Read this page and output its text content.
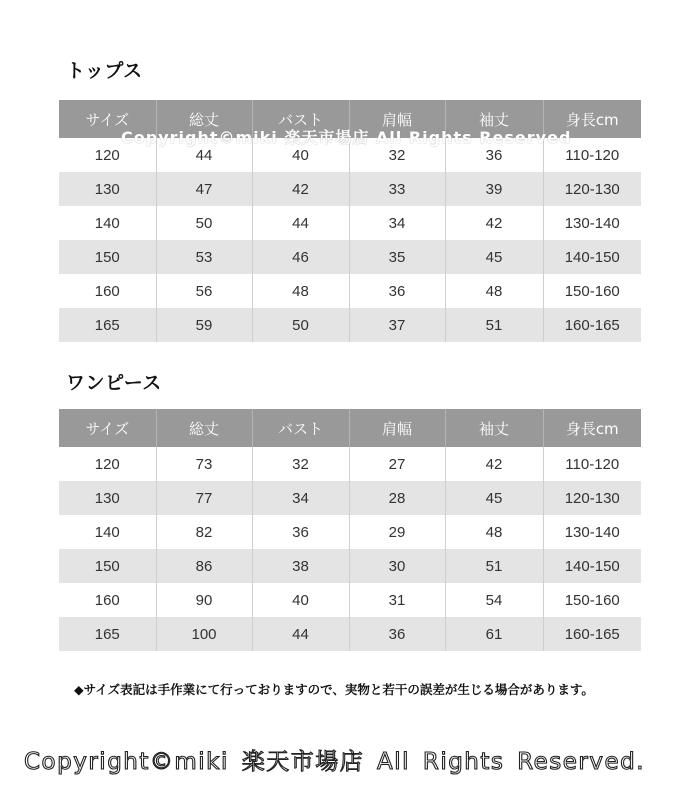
トップス
サイズ	総丈	バスト	肩幅	袖丈	身長cm
120	44	40	32	36	110-120
130	47	42	33	39	120-130
140	50	44	34	42	130-140
150	53	46	35	45	140-150
160	56	48	36	48	150-160
165	59	50	37	51	160-165
Copyright©miki 楽天市場店 All Rights Reserved
ワンピース
サイズ	総丈	バスト	肩幅	袖丈	身長cm
120	73	32	27	42	110-120
130	77	34	28	45	120-130
140	82	36	29	48	130-140
150	86	38	30	51	140-150
160	90	40	31	54	150-160
165	100	44	36	61	160-165
◆サイズ表記は手作業にて行っておりますので、実物と若干の誤差が生じる場合があります。
Copyright©miki 楽天市場店 All Rights Reserved.
